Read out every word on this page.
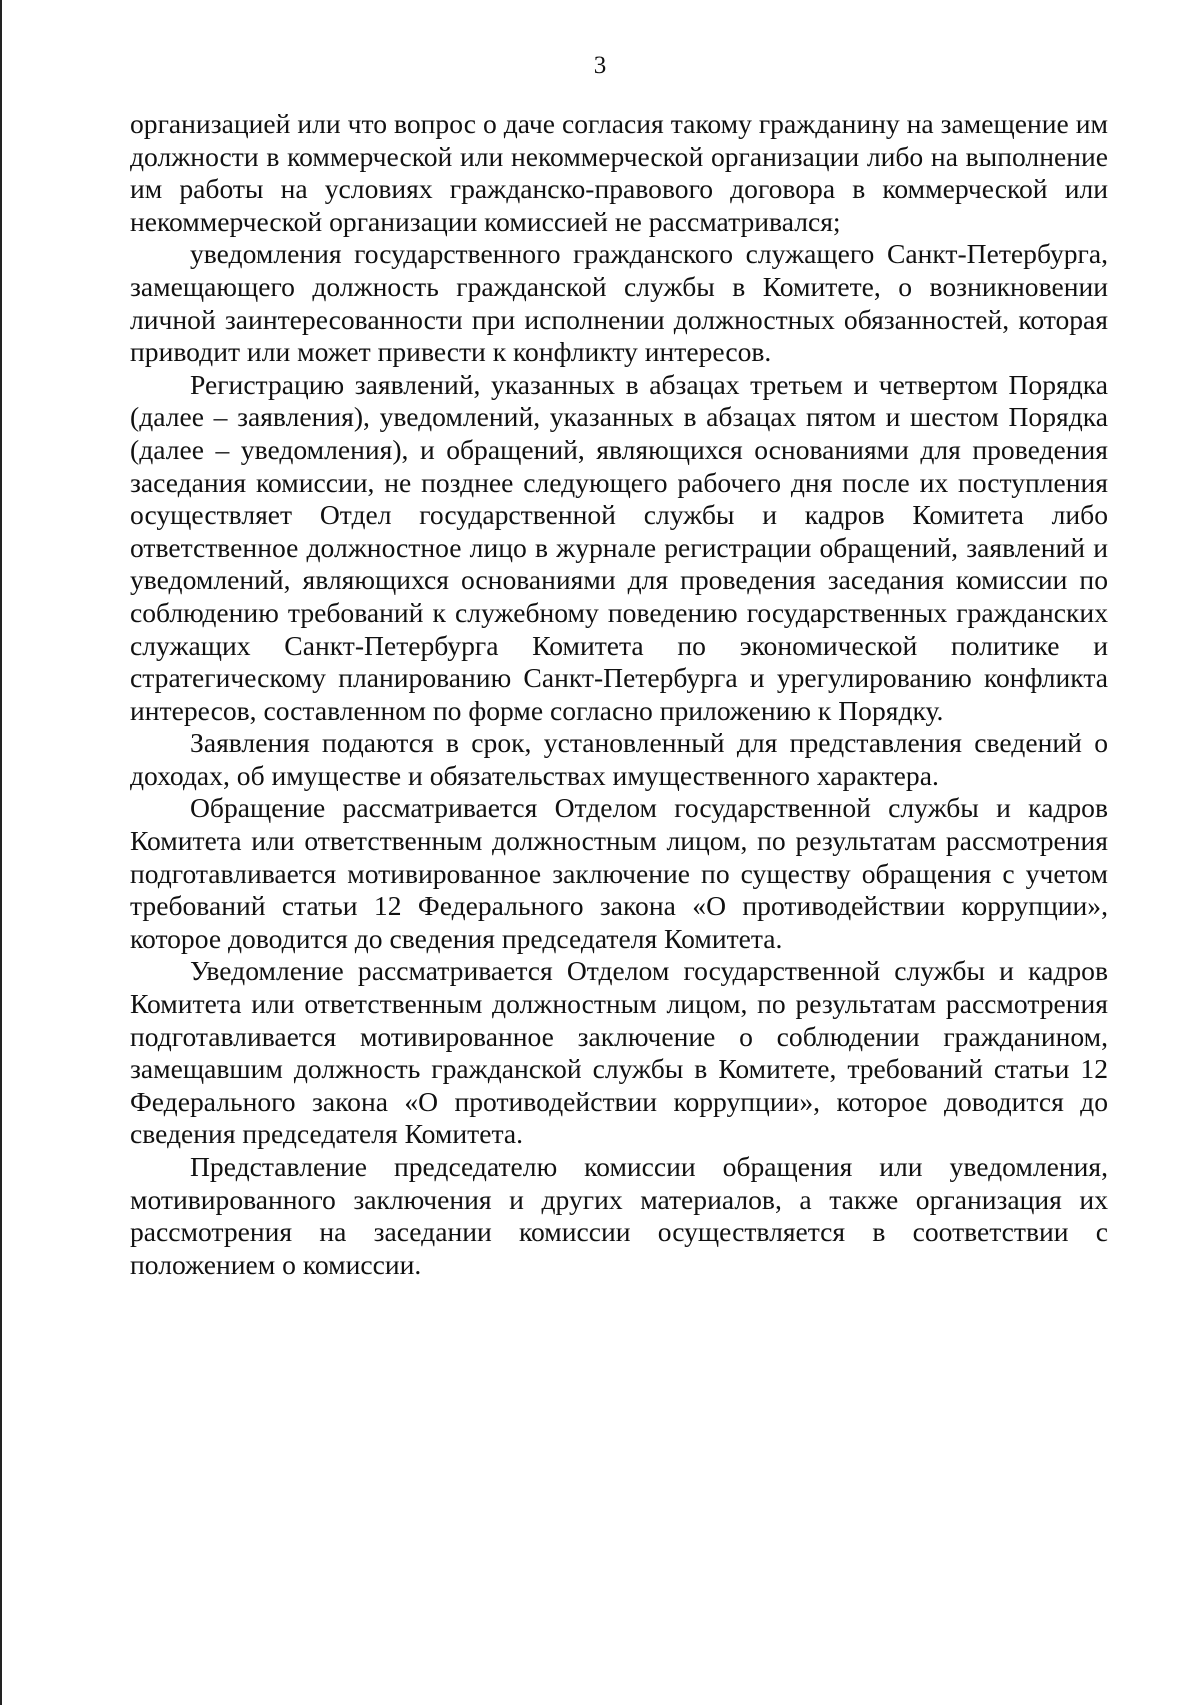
3

организацией или что вопрос о даче согласия такому гражданину на замещение им должности в коммерческой или некоммерческой организации либо на выполнение им работы на условиях гражданско-правового договора в коммерческой или некоммерческой организации комиссией не рассматривался;

уведомления государственного гражданского служащего Санкт-Петербурга, замещающего должность гражданской службы в Комитете, о возникновении личной заинтересованности при исполнении должностных обязанностей, которая приводит или может привести к конфликту интересов.

Регистрацию заявлений, указанных в абзацах третьем и четвертом Порядка (далее – заявления), уведомлений, указанных в абзацах пятом и шестом Порядка (далее – уведомления), и обращений, являющихся основаниями для проведения заседания комиссии, не позднее следующего рабочего дня после их поступления осуществляет Отдел государственной службы и кадров Комитета либо ответственное должностное лицо в журнале регистрации обращений, заявлений и уведомлений, являющихся основаниями для проведения заседания комиссии по соблюдению требований к служебному поведению государственных гражданских служащих Санкт-Петербурга Комитета по экономической политике и стратегическому планированию Санкт-Петербурга и урегулированию конфликта интересов, составленном по форме согласно приложению к Порядку.

Заявления подаются в срок, установленный для представления сведений о доходах, об имуществе и обязательствах имущественного характера.

Обращение рассматривается Отделом государственной службы и кадров Комитета или ответственным должностным лицом, по результатам рассмотрения подготавливается мотивированное заключение по существу обращения с учетом требований статьи 12 Федерального закона «О противодействии коррупции», которое доводится до сведения председателя Комитета.

Уведомление рассматривается Отделом государственной службы и кадров Комитета или ответственным должностным лицом, по результатам рассмотрения подготавливается мотивированное заключение о соблюдении гражданином, замещавшим должность гражданской службы в Комитете, требований статьи 12 Федерального закона «О противодействии коррупции», которое доводится до сведения председателя Комитета.

Представление председателю комиссии обращения или уведомления, мотивированного заключения и других материалов, а также организация их рассмотрения на заседании комиссии осуществляется в соответствии с положением о комиссии.
